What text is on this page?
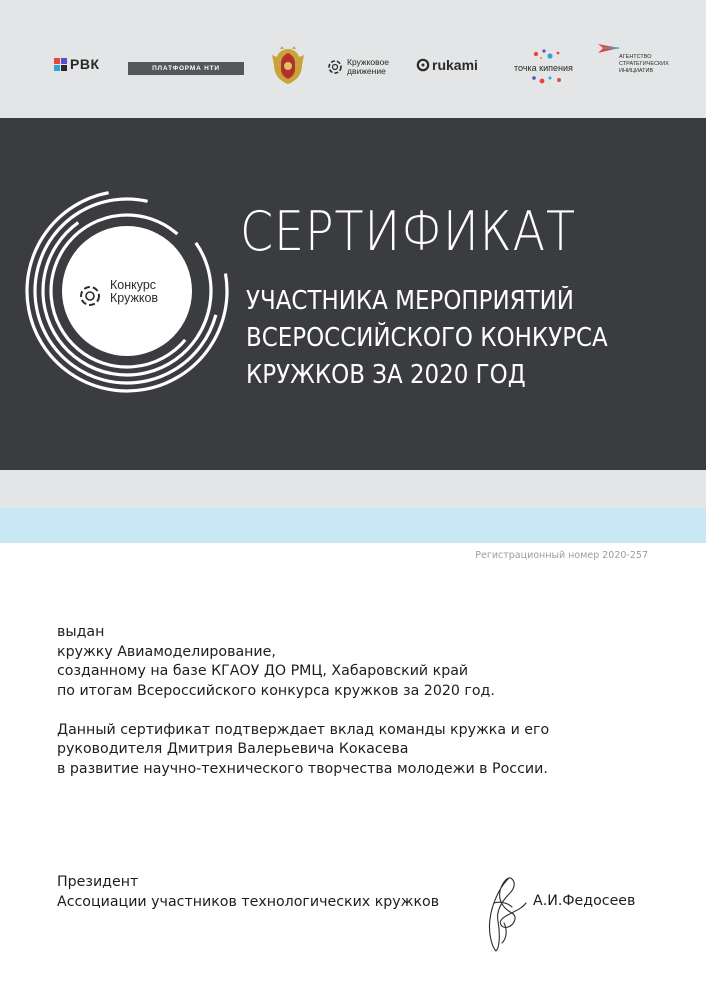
РВК	ПЛАТФОРМА НТИ
Кружковое
движение	rukami	точка кипения
АГЕНТСТВО
СТРАТЕГИЧЕСКИХ
ИНИЦИАТИВ
Конкурс
Кружков
СЕРТИФИКАТ
УЧАСТНИКА МЕРОПРИЯТИЙ
ВСЕРОССИЙСКОГО КОНКУРСА
КРУЖКОВ ЗА 2020 ГОД
Регистрационный номер 2020-257

выдан

кружку Авиамоделирование,

созданному на базе КГАОУ ДО РМЦ, Хабаровский край

по итогам Всероссийского конкурса кружков за 2020 год.

Данный сертификат подтверждает вклад команды кружка и его

руководителя Дмитрия Валерьевича Кокасева

в развитие научно-технического творчества молодежи в России.

Президент

Ассоциации участников технологических кружков	А.И.Федосеев
